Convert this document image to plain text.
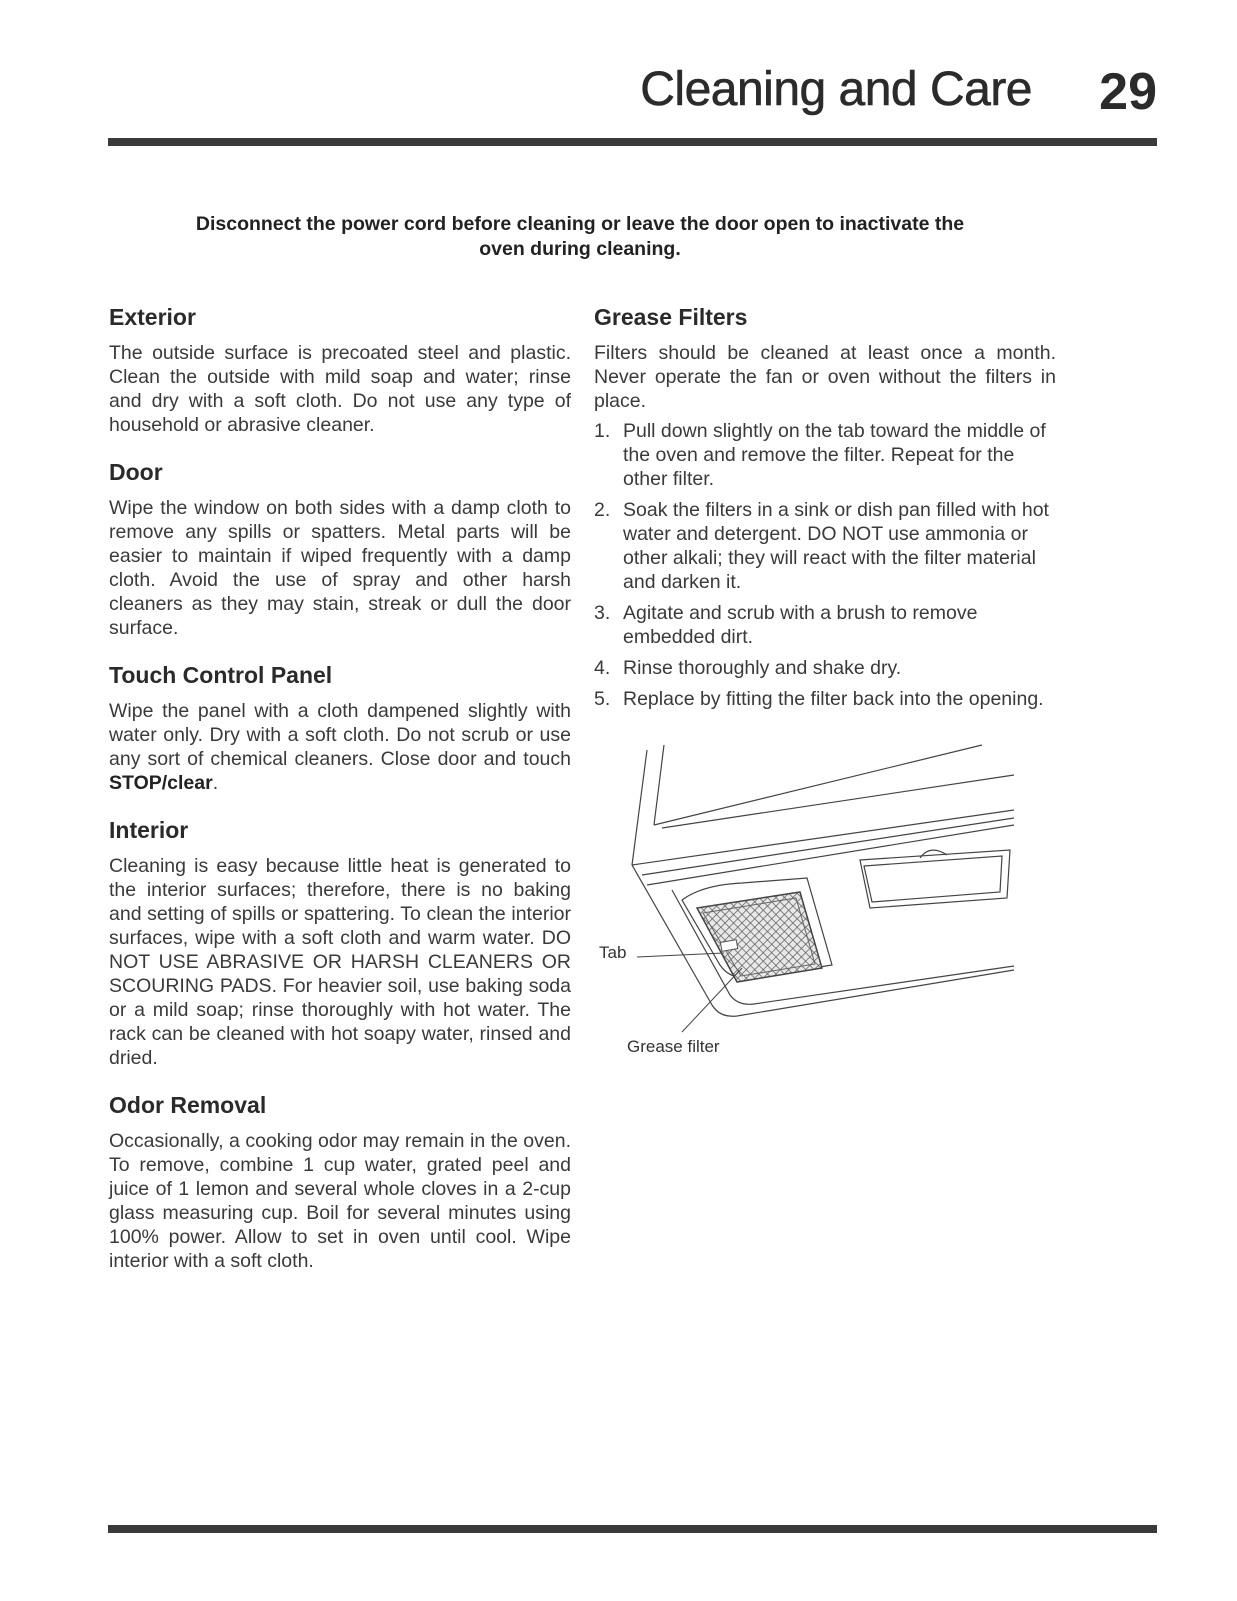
Cleaning and Care 29
Disconnect the power cord before cleaning or leave the door open to inactivate the
oven during cleaning.
Exterior

The outside surface is precoated steel and plastic. Clean the outside with mild soap and water; rinse and dry with a soft cloth. Do not use any type of household or abrasive cleaner.

Door

Wipe the window on both sides with a damp cloth to remove any spills or spatters. Metal parts will be easier to maintain if wiped frequently with a damp cloth. Avoid the use of spray and other harsh cleaners as they may stain, streak or dull the door surface.

Touch Control Panel

Wipe the panel with a cloth dampened slightly with water only. Dry with a soft cloth. Do not scrub or use any sort of chemical cleaners. Close door and touch STOP/clear.

Interior

Cleaning is easy because little heat is generated to the interior surfaces; therefore, there is no baking and setting of spills or spattering. To clean the interior surfaces, wipe with a soft cloth and warm water. DO NOT USE ABRASIVE OR HARSH CLEANERS OR SCOURING PADS. For heavier soil, use baking soda or a mild soap; rinse thoroughly with hot water. The rack can be cleaned with hot soapy water, rinsed and dried.

Odor Removal

Occasionally, a cooking odor may remain in the oven. To remove, combine 1 cup water, grated peel and juice of 1 lemon and several whole cloves in a 2-cup glass measuring cup. Boil for several minutes using 100% power. Allow to set in oven until cool. Wipe interior with a soft cloth.

Grease Filters

Filters should be cleaned at least once a month. Never operate the fan or oven without the filters in place.

1. Pull down slightly on the tab toward the middle of the oven and remove the filter. Repeat for the other filter.
2. Soak the filters in a sink or dish pan filled with hot water and detergent. DO NOT use ammonia or other alkali; they will react with the filter material and darken it.
3. Agitate and scrub with a brush to remove embedded dirt.
4. Rinse thoroughly and shake dry.
5. Replace by fitting the filter back into the opening.
Tab
Grease filter
